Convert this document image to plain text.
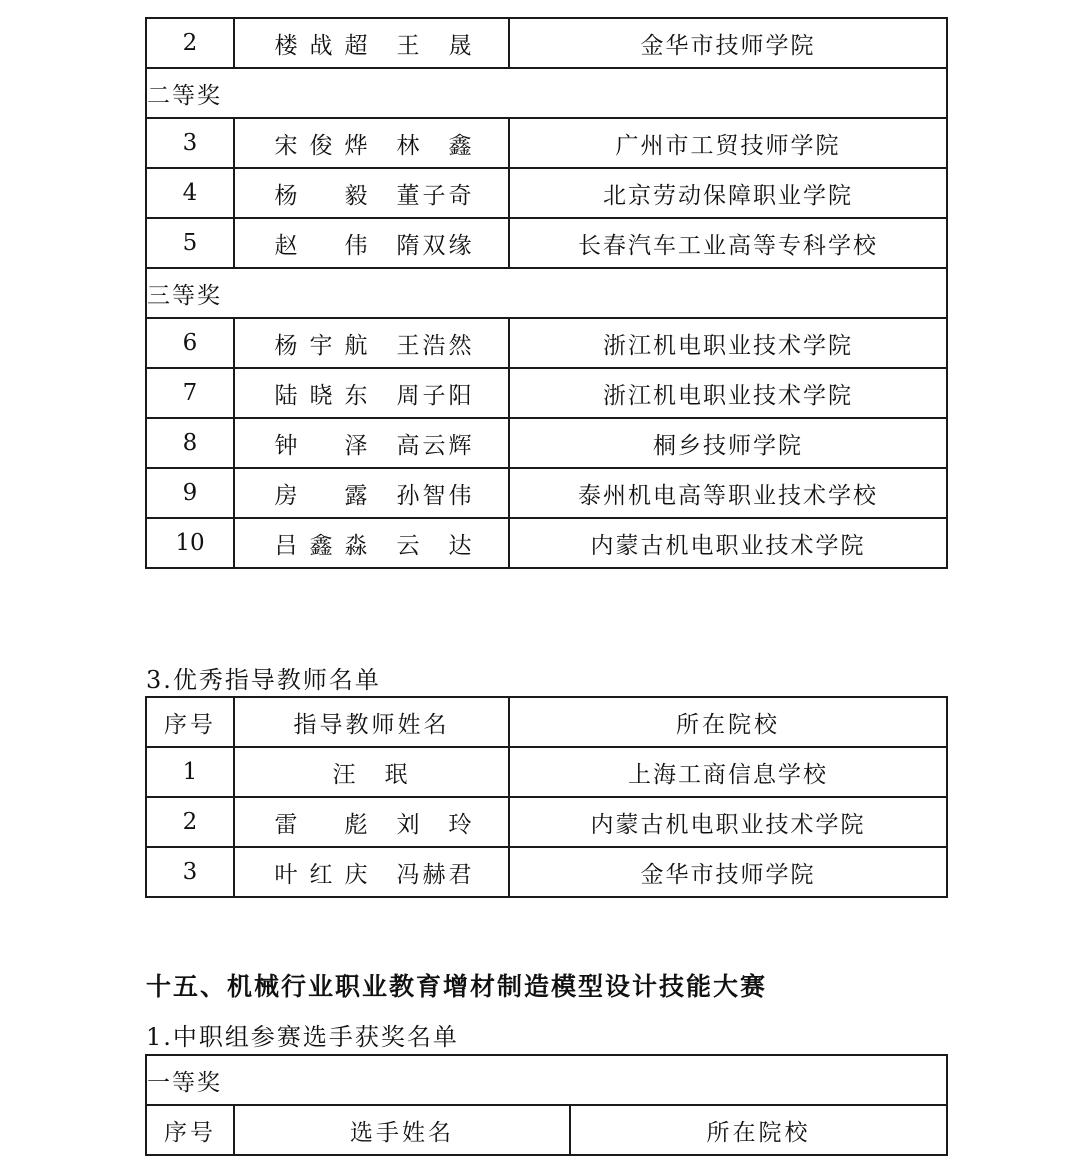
2	楼战超 王　晟	金华市技师学院
二等奖		
3	宋俊烨 林　鑫	广州市工贸技师学院
4	杨　毅 董子奇	北京劳动保障职业学院
5	赵　伟 隋双缘	长春汽车工业高等专科学校
三等奖		
6	杨宇航 王浩然	浙江机电职业技术学院
7	陆晓东 周子阳	浙江机电职业技术学院
8	钟　泽 高云辉	桐乡技师学院
9	房　露 孙智伟	泰州机电高等职业技术学校
10	吕鑫淼 云　达	内蒙古机电职业技术学院
3.优秀指导教师名单
序号	指导教师姓名	所在院校
1	汪　珉	上海工商信息学校
2	雷　彪 刘　玲	内蒙古机电职业技术学院
3	叶红庆 冯赫君	金华市技师学院
十五、机械行业职业教育增材制造模型设计技能大赛
1.中职组参赛选手获奖名单
一等奖
序号	选手姓名	所在院校
